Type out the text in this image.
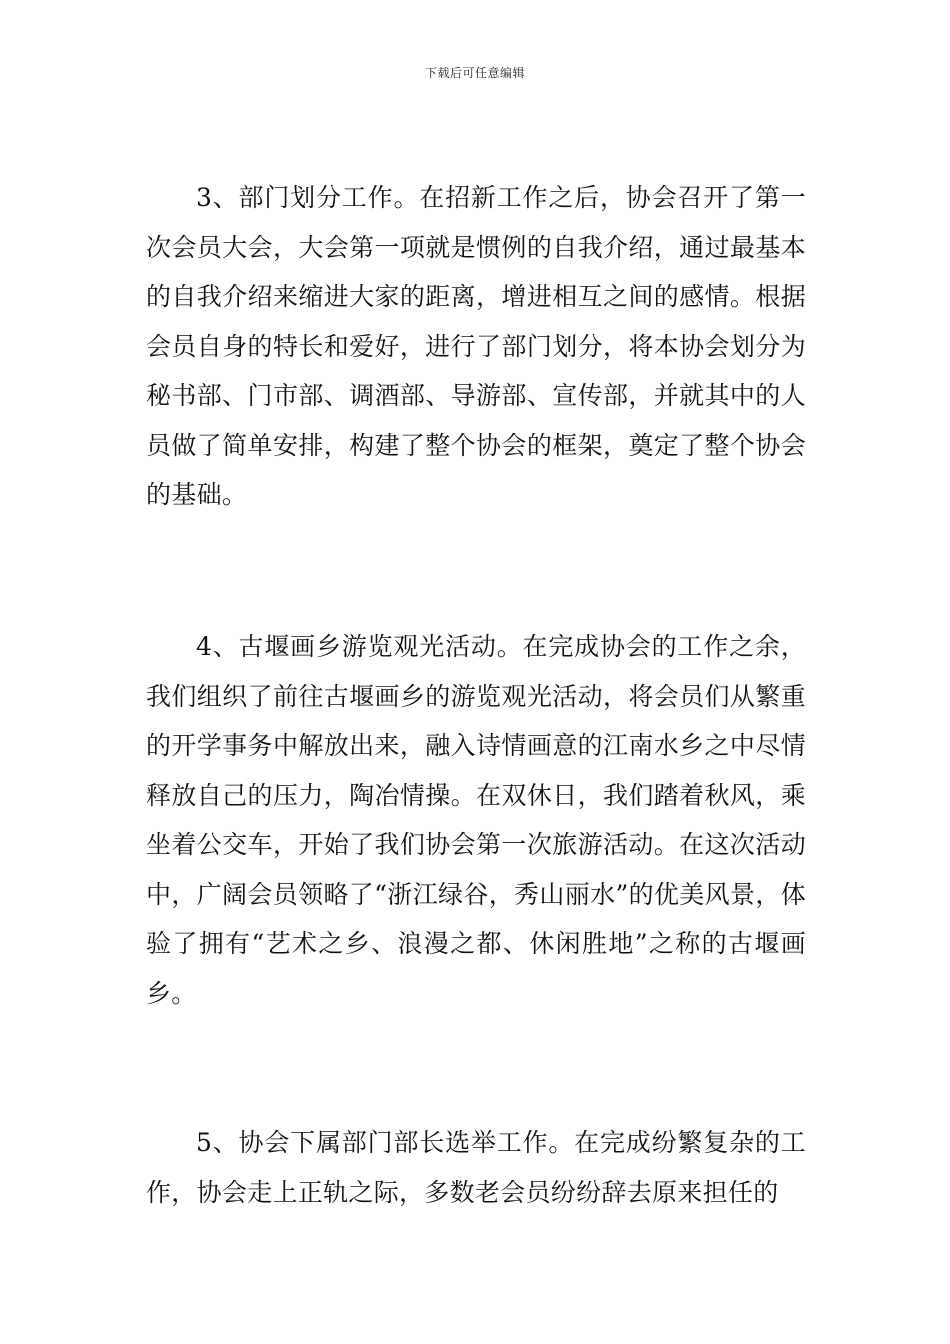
下载后可任意编辑

3、部门划分工作。在招新工作之后，协会召开了第一次会员大会，大会第一项就是惯例的自我介绍，通过最基本的自我介绍来缩进大家的距离，增进相互之间的感情。根据会员自身的特长和爱好，进行了部门划分，将本协会划分为秘书部、门市部、调酒部、导游部、宣传部，并就其中的人员做了简单安排，构建了整个协会的框架，奠定了整个协会的基础。

4、古堰画乡游览观光活动。在完成协会的工作之余，我们组织了前往古堰画乡的游览观光活动，将会员们从繁重的开学事务中解放出来，融入诗情画意的江南水乡之中尽情释放自己的压力，陶冶情操。在双休日，我们踏着秋风，乘坐着公交车，开始了我们协会第一次旅游活动。在这次活动中，广阔会员领略了“浙江绿谷，秀山丽水”的优美风景，体验了拥有“艺术之乡、浪漫之都、休闲胜地”之称的古堰画乡。

5、协会下属部门部长选举工作。在完成纷繁复杂的工作，协会走上正轨之际，多数老会员纷纷辞去原来担任的
